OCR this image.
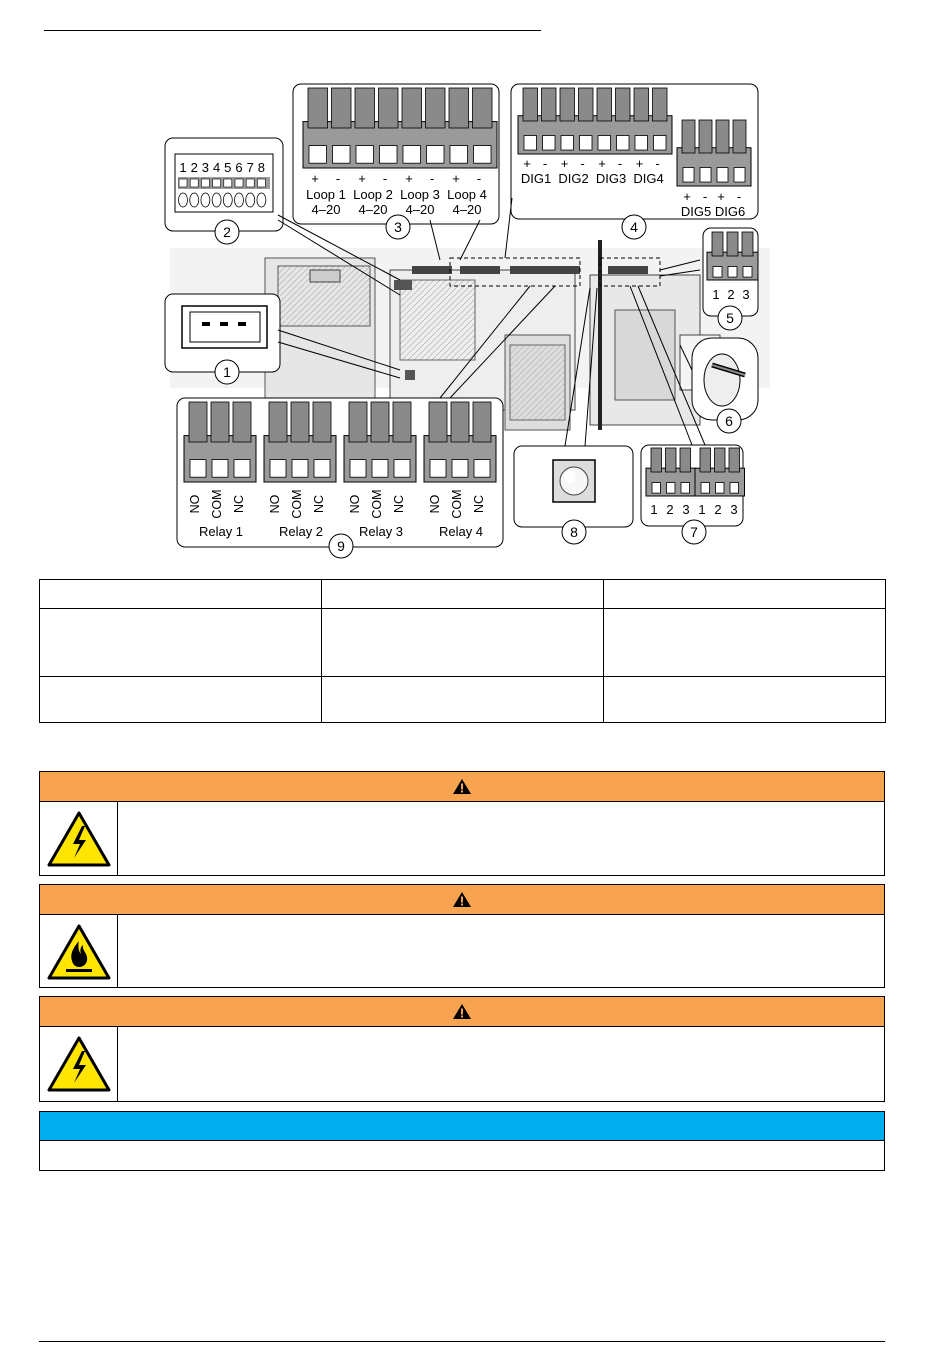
1 2 3 4 5 6 7 8
+ -
Loop 1
4–20
+ -
Loop 2
4–20
+ -
Loop 3
4–20
+ -
Loop 4
4–20
+ -
DIG1
+ -
DIG2
+ -
DIG3
+ -
DIG4
+ -
DIG5
+ -
DIG6
1 2 3
1 2 3 1 2 3
NO COM NC
Relay 1
NO COM NC
Relay 2
NO COM NC
Relay 3
NO COM NC
Relay 4
1
2	3	4
5
6
7
8
9
